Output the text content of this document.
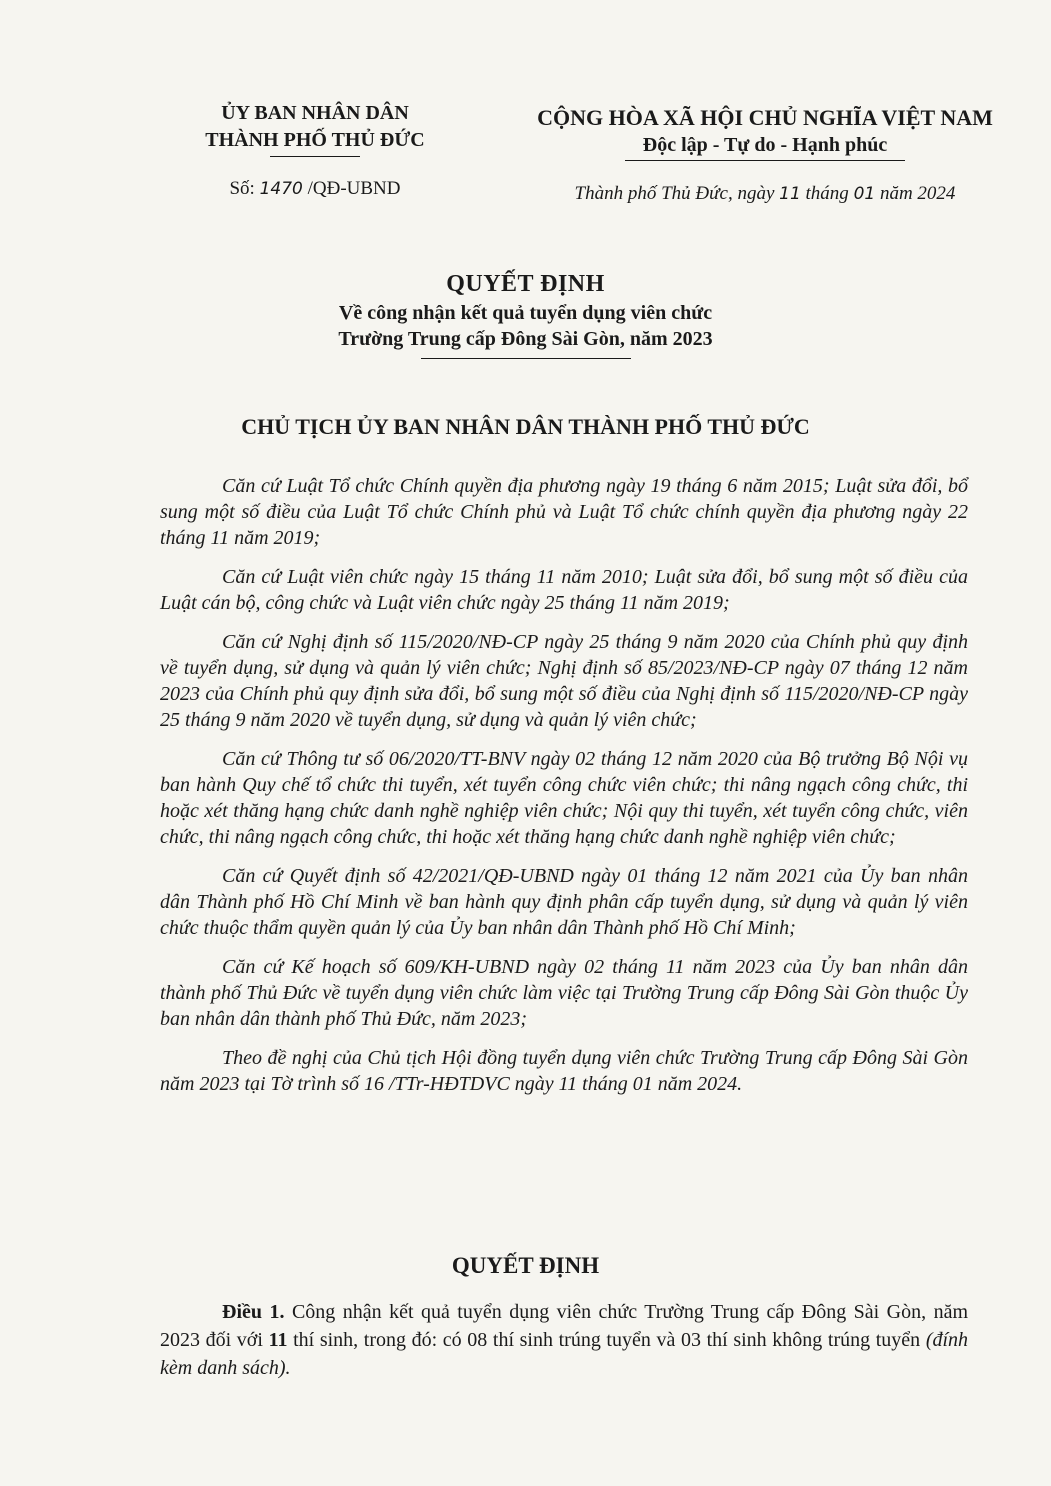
ỦY BAN NHÂN DÂN
THÀNH PHỐ THỦ ĐỨC
Số: 1470 /QĐ-UBND
CỘNG HÒA XÃ HỘI CHỦ NGHĨA VIỆT NAM
Độc lập - Tự do - Hạnh phúc
Thành phố Thủ Đức, ngày 11 tháng 01 năm 2024
QUYẾT ĐỊNH
Về công nhận kết quả tuyển dụng viên chức
Trường Trung cấp Đông Sài Gòn, năm 2023
CHỦ TỊCH ỦY BAN NHÂN DÂN THÀNH PHỐ THỦ ĐỨC

Căn cứ Luật Tổ chức Chính quyền địa phương ngày 19 tháng 6 năm 2015; Luật sửa đổi, bổ sung một số điều của Luật Tổ chức Chính phủ và Luật Tổ chức chính quyền địa phương ngày 22 tháng 11 năm 2019;

Căn cứ Luật viên chức ngày 15 tháng 11 năm 2010; Luật sửa đổi, bổ sung một số điều của Luật cán bộ, công chức và Luật viên chức ngày 25 tháng 11 năm 2019;

Căn cứ Nghị định số 115/2020/NĐ-CP ngày 25 tháng 9 năm 2020 của Chính phủ quy định về tuyển dụng, sử dụng và quản lý viên chức; Nghị định số 85/2023/NĐ-CP ngày 07 tháng 12 năm 2023 của Chính phủ quy định sửa đổi, bổ sung một số điều của Nghị định số 115/2020/NĐ-CP ngày 25 tháng 9 năm 2020 về tuyển dụng, sử dụng và quản lý viên chức;

Căn cứ Thông tư số 06/2020/TT-BNV ngày 02 tháng 12 năm 2020 của Bộ trưởng Bộ Nội vụ ban hành Quy chế tổ chức thi tuyển, xét tuyển công chức viên chức; thi nâng ngạch công chức, thi hoặc xét thăng hạng chức danh nghề nghiệp viên chức; Nội quy thi tuyển, xét tuyển công chức, viên chức, thi nâng ngạch công chức, thi hoặc xét thăng hạng chức danh nghề nghiệp viên chức;

Căn cứ Quyết định số 42/2021/QĐ-UBND ngày 01 tháng 12 năm 2021 của Ủy ban nhân dân Thành phố Hồ Chí Minh về ban hành quy định phân cấp tuyển dụng, sử dụng và quản lý viên chức thuộc thẩm quyền quản lý của Ủy ban nhân dân Thành phố Hồ Chí Minh;

Căn cứ Kế hoạch số 609/KH-UBND ngày 02 tháng 11 năm 2023 của Ủy ban nhân dân thành phố Thủ Đức về tuyển dụng viên chức làm việc tại Trường Trung cấp Đông Sài Gòn thuộc Ủy ban nhân dân thành phố Thủ Đức, năm 2023;

Theo đề nghị của Chủ tịch Hội đồng tuyển dụng viên chức Trường Trung cấp Đông Sài Gòn năm 2023 tại Tờ trình số 16 /TTr-HĐTDVC ngày 11 tháng 01 năm 2024.

QUYẾT ĐỊNH
Điều 1. Công nhận kết quả tuyển dụng viên chức Trường Trung cấp Đông Sài Gòn, năm 2023 đối với 11 thí sinh, trong đó: có 08 thí sinh trúng tuyển và 03 thí sinh không trúng tuyển (đính kèm danh sách).
